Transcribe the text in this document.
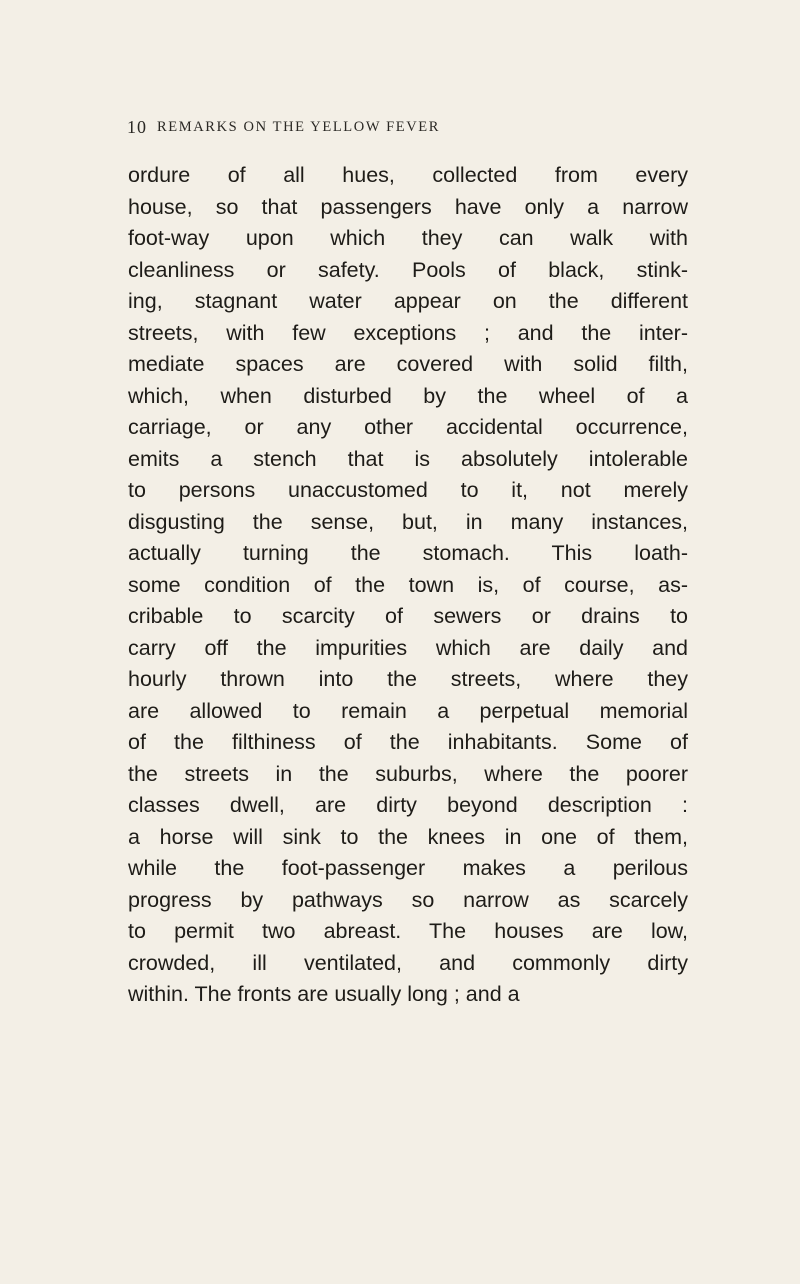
10 REMARKS ON THE YELLOW FEVER
ordure of all hues, collected from every
house, so that passengers have only a narrow
foot-way upon which they can walk with
cleanliness or safety. Pools of black, stink-
ing, stagnant water appear on the different
streets, with few exceptions ; and the inter-
mediate spaces are covered with solid filth,
which, when disturbed by the wheel of a
carriage, or any other accidental occurrence,
emits a stench that is absolutely intolerable
to persons unaccustomed to it, not merely
disgusting the sense, but, in many instances,
actually turning the stomach. This loath-
some condition of the town is, of course, as-
cribable to scarcity of sewers or drains to
carry off the impurities which are daily and
hourly thrown into the streets, where they
are allowed to remain a perpetual memorial
of the filthiness of the inhabitants. Some of
the streets in the suburbs, where the poorer
classes dwell, are dirty beyond description :
a horse will sink to the knees in one of them,
while the foot-passenger makes a perilous
progress by pathways so narrow as scarcely
to permit two abreast. The houses are low,
crowded, ill ventilated, and commonly dirty
within. The fronts are usually long ; and a
